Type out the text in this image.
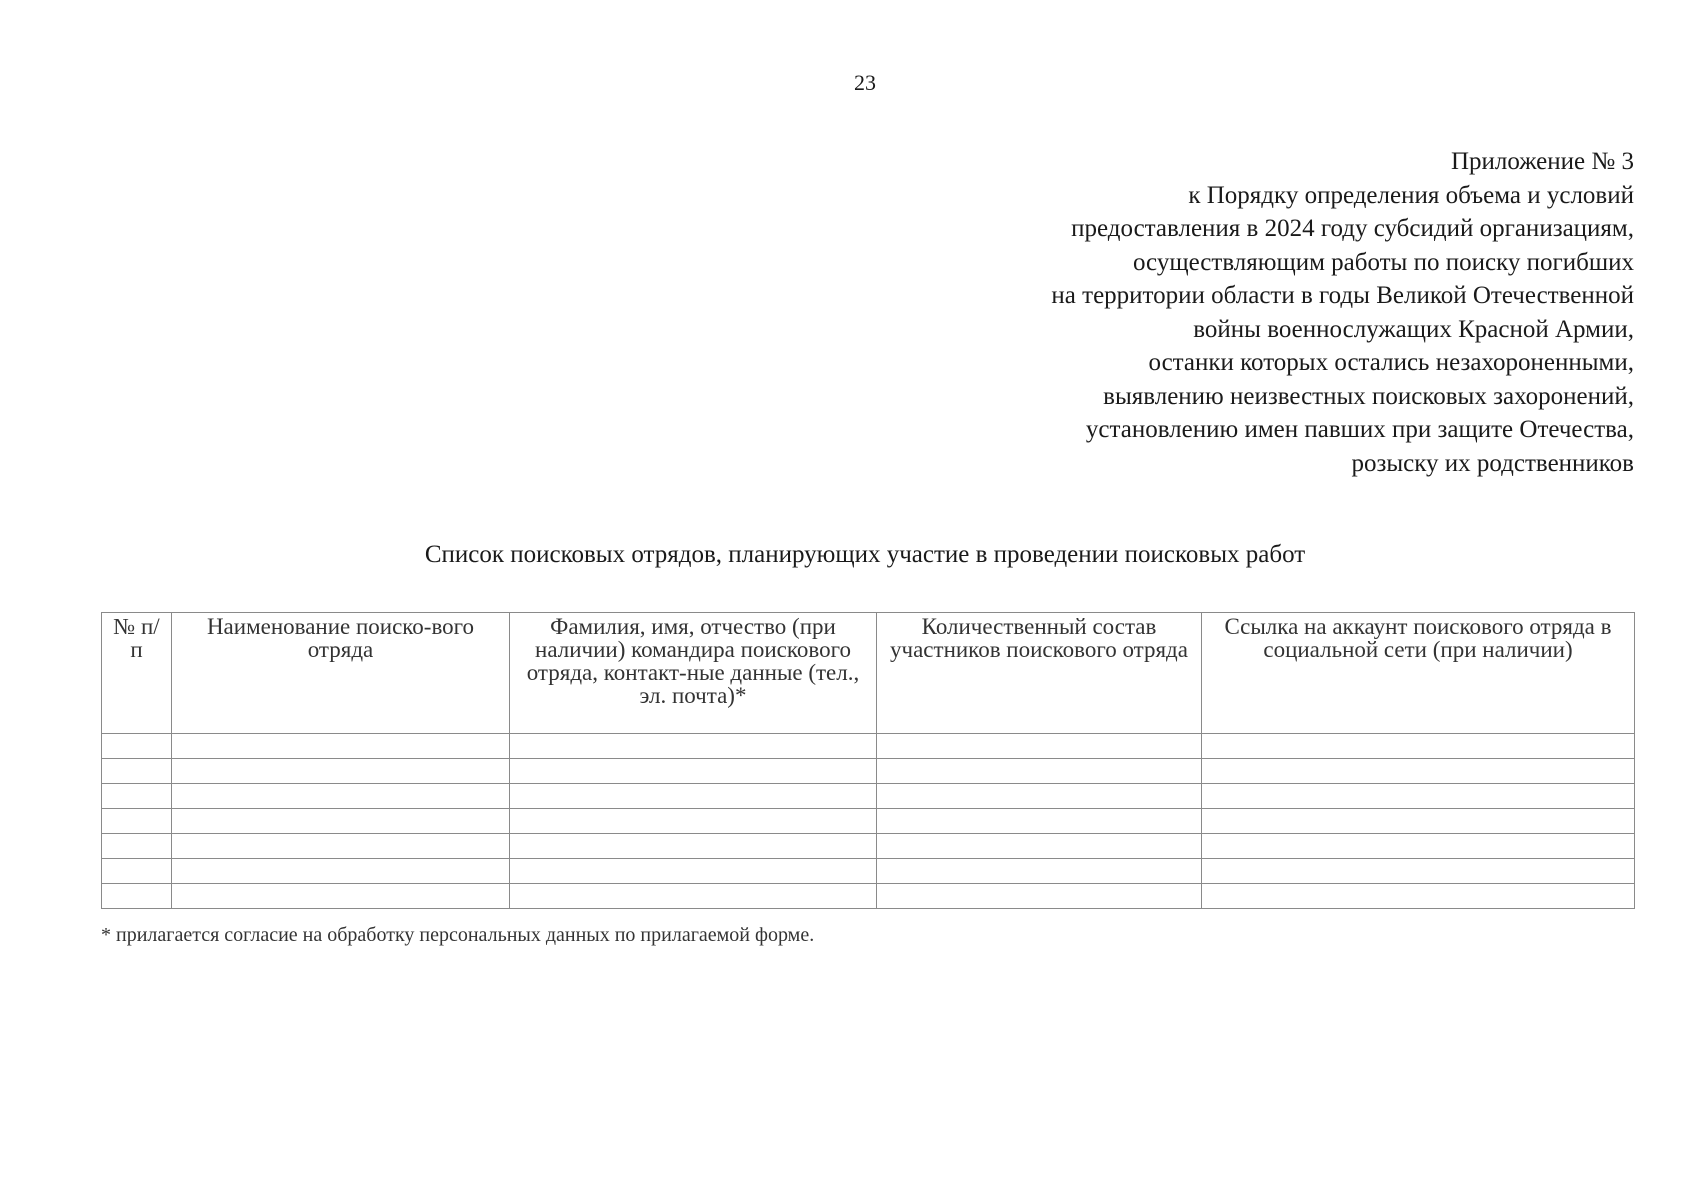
23
Приложение № 3
к Порядку определения объема и условий
предоставления в 2024 году субсидий организациям,
осуществляющим работы по поиску погибших
на территории области в годы Великой Отечественной
войны военнослужащих Красной Армии,
останки которых остались незахороненными,
выявлению неизвестных поисковых захоронений,
установлению имен павших при защите Отечества,
розыску их родственников
Список поисковых отрядов, планирующих участие в проведении поисковых работ
№ п/п	Наименование поиско-вого отряда	Фамилия, имя, отчество (при наличии) командира поискового отряда, контакт-ные данные (тел., эл. почта)*	Количественный состав участников поискового отряда	Ссылка на аккаунт поискового отряда в социальной сети (при наличии)

* прилагается согласие на обработку персональных данных по прилагаемой форме.
